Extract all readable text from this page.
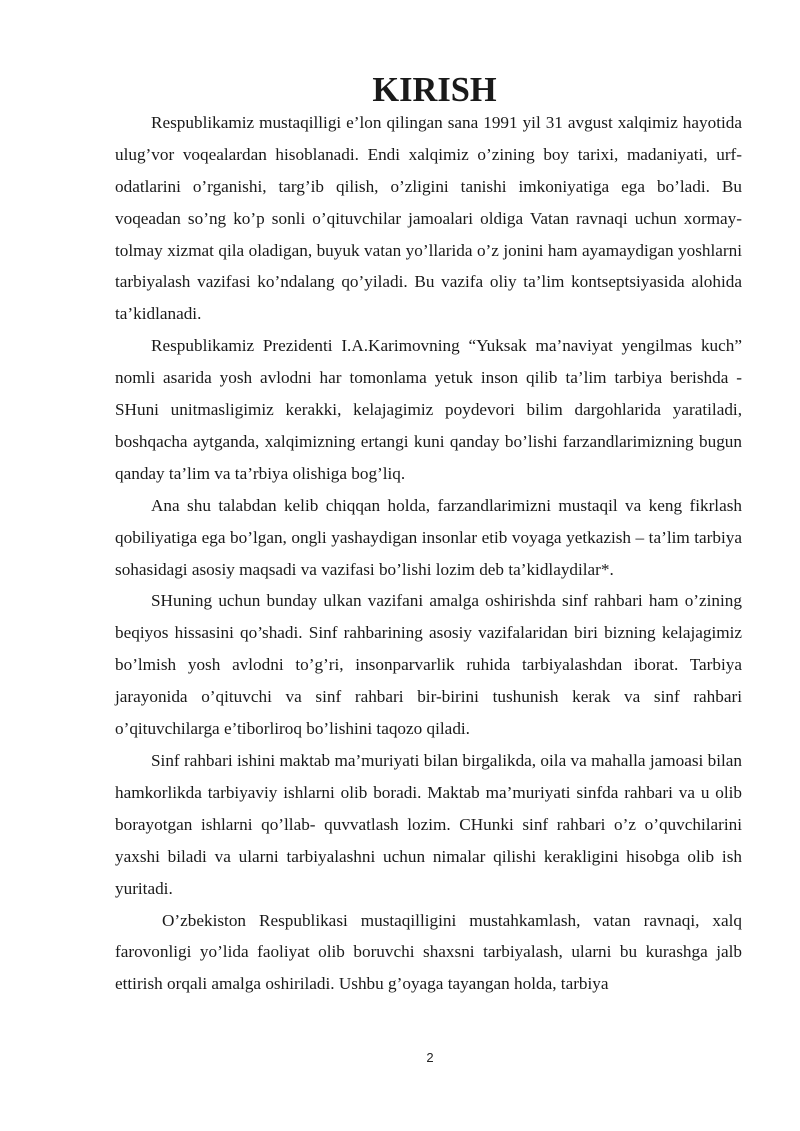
KIRISH

Respublikamiz mustaqilligi e’lon qilingan sana 1991 yil 31 avgust xalqimiz hayotida ulug’vor voqealardan hisoblanadi. Endi xalqimiz o’zining boy tarixi, madaniyati, urf-odatlarini o’rganishi, targ’ib qilish, o’zligini tanishi imkoniyatiga ega bo’ladi. Bu voqeadan so’ng ko’p sonli o’qituvchilar jamoalari oldiga Vatan ravnaqi uchun xormay-tolmay xizmat qila oladigan, buyuk vatan yo’llarida o’z jonini ham ayamaydigan yoshlarni tarbiyalash vazifasi ko’ndalang qo’yiladi. Bu vazifa oliy ta’lim kontseptsiyasida alohida ta’kidlanadi.

Respublikamiz Prezidenti I.A.Karimovning “Yuksak ma’naviyat yengilmas kuch” nomli asarida yosh avlodni har tomonlama yetuk inson qilib ta’lim tarbiya berishda - SHuni unitmasligimiz kerakki, kelajagimiz poydevori bilim dargohlarida yaratiladi, boshqacha aytganda, xalqimizning ertangi kuni qanday bo’lishi farzandlarimizning bugun qanday ta’lim va ta’rbiya olishiga bog’liq.

Ana shu talabdan kelib chiqqan holda, farzandlarimizni mustaqil va keng fikrlash qobiliyatiga ega bo’lgan, ongli yashaydigan insonlar etib voyaga yetkazish – ta’lim tarbiya sohasidagi asosiy maqsadi va vazifasi bo’lishi lozim deb ta’kidlaydilar*.

SHuning uchun bunday ulkan vazifani amalga oshirishda sinf rahbari ham o’zining beqiyos hissasini qo’shadi. Sinf rahbarining asosiy vazifalaridan biri bizning kelajagimiz bo’lmish yosh avlodni to’g’ri, insonparvarlik ruhida tarbiyalashdan iborat. Tarbiya jarayonida o’qituvchi va sinf rahbari bir-birini tushunish kerak va sinf rahbari o’qituvchilarga e’tiborliroq bo’lishini taqozo qiladi.

Sinf rahbari ishini maktab ma’muriyati bilan birgalikda, oila va mahalla jamoasi bilan hamkorlikda tarbiyaviy ishlarni olib boradi. Maktab ma’muriyati sinfda rahbari va u olib borayotgan ishlarni qo’llab- quvvatlash lozim. CHunki sinf rahbari o’z o’quvchilarini yaxshi biladi va ularni tarbiyalashni uchun nimalar qilishi kerakligini hisobga olib ish yuritadi.

O’zbekiston Respublikasi mustaqilligini mustahkamlash, vatan ravnaqi, xalq farovonligi yo’lida faoliyat olib boruvchi shaxsni tarbiyalash, ularni bu kurashga jalb ettirish orqali amalga oshiriladi. Ushbu g’oyaga tayangan holda, tarbiya

2
